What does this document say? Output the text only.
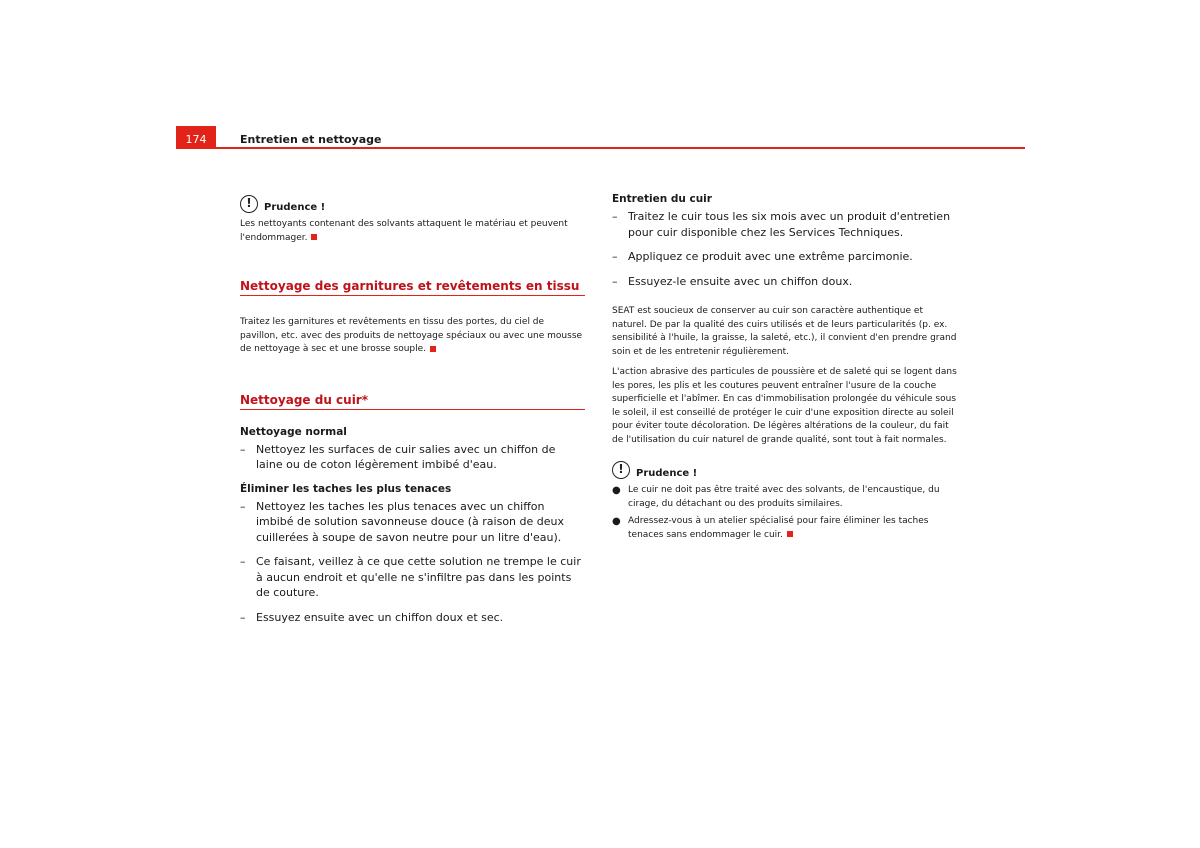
174	Entretien et nettoyage
!	Prudence !

Les nettoyants contenant des solvants attaquent le matériau et peuvent l'endommager.

Nettoyage des garnitures et revêtements en tissu

Traitez les garnitures et revêtements en tissu des portes, du ciel de pavillon, etc. avec des produits de nettoyage spéciaux ou avec une mousse de nettoyage à sec et une brosse souple.

Nettoyage du cuir*

Nettoyage normal

– Nettoyez les surfaces de cuir salies avec un chiffon de laine ou de coton légèrement imbibé d'eau.

Éliminer les taches les plus tenaces

– Nettoyez les taches les plus tenaces avec un chiffon imbibé de solution savonneuse douce (à raison de deux cuillerées à soupe de savon neutre pour un litre d'eau).

– Ce faisant, veillez à ce que cette solution ne trempe le cuir à aucun endroit et qu'elle ne s'infiltre pas dans les points de couture.

– Essuyez ensuite avec un chiffon doux et sec.

Entretien du cuir

– Traitez le cuir tous les six mois avec un produit d'entretien pour cuir disponible chez les Services Techniques.

– Appliquez ce produit avec une extrême parcimonie.

– Essuyez-le ensuite avec un chiffon doux.

SEAT est soucieux de conserver au cuir son caractère authentique et naturel. De par la qualité des cuirs utilisés et de leurs particularités (p. ex. sensibilité à l'huile, la graisse, la saleté, etc.), il convient d'en prendre grand soin et de les entretenir régulièrement.

L'action abrasive des particules de poussière et de saleté qui se logent dans les pores, les plis et les coutures peuvent entraîner l'usure de la couche superficielle et l'abîmer. En cas d'immobilisation prolongée du véhicule sous le soleil, il est conseillé de protéger le cuir d'une exposition directe au soleil pour éviter toute décoloration. De légères altérations de la couleur, du fait de l'utilisation du cuir naturel de grande qualité, sont tout à fait normales.

!	Prudence !

● Le cuir ne doit pas être traité avec des solvants, de l'encaustique, du cirage, du détachant ou des produits similaires.

● Adressez-vous à un atelier spécialisé pour faire éliminer les taches tenaces sans endommager le cuir.
